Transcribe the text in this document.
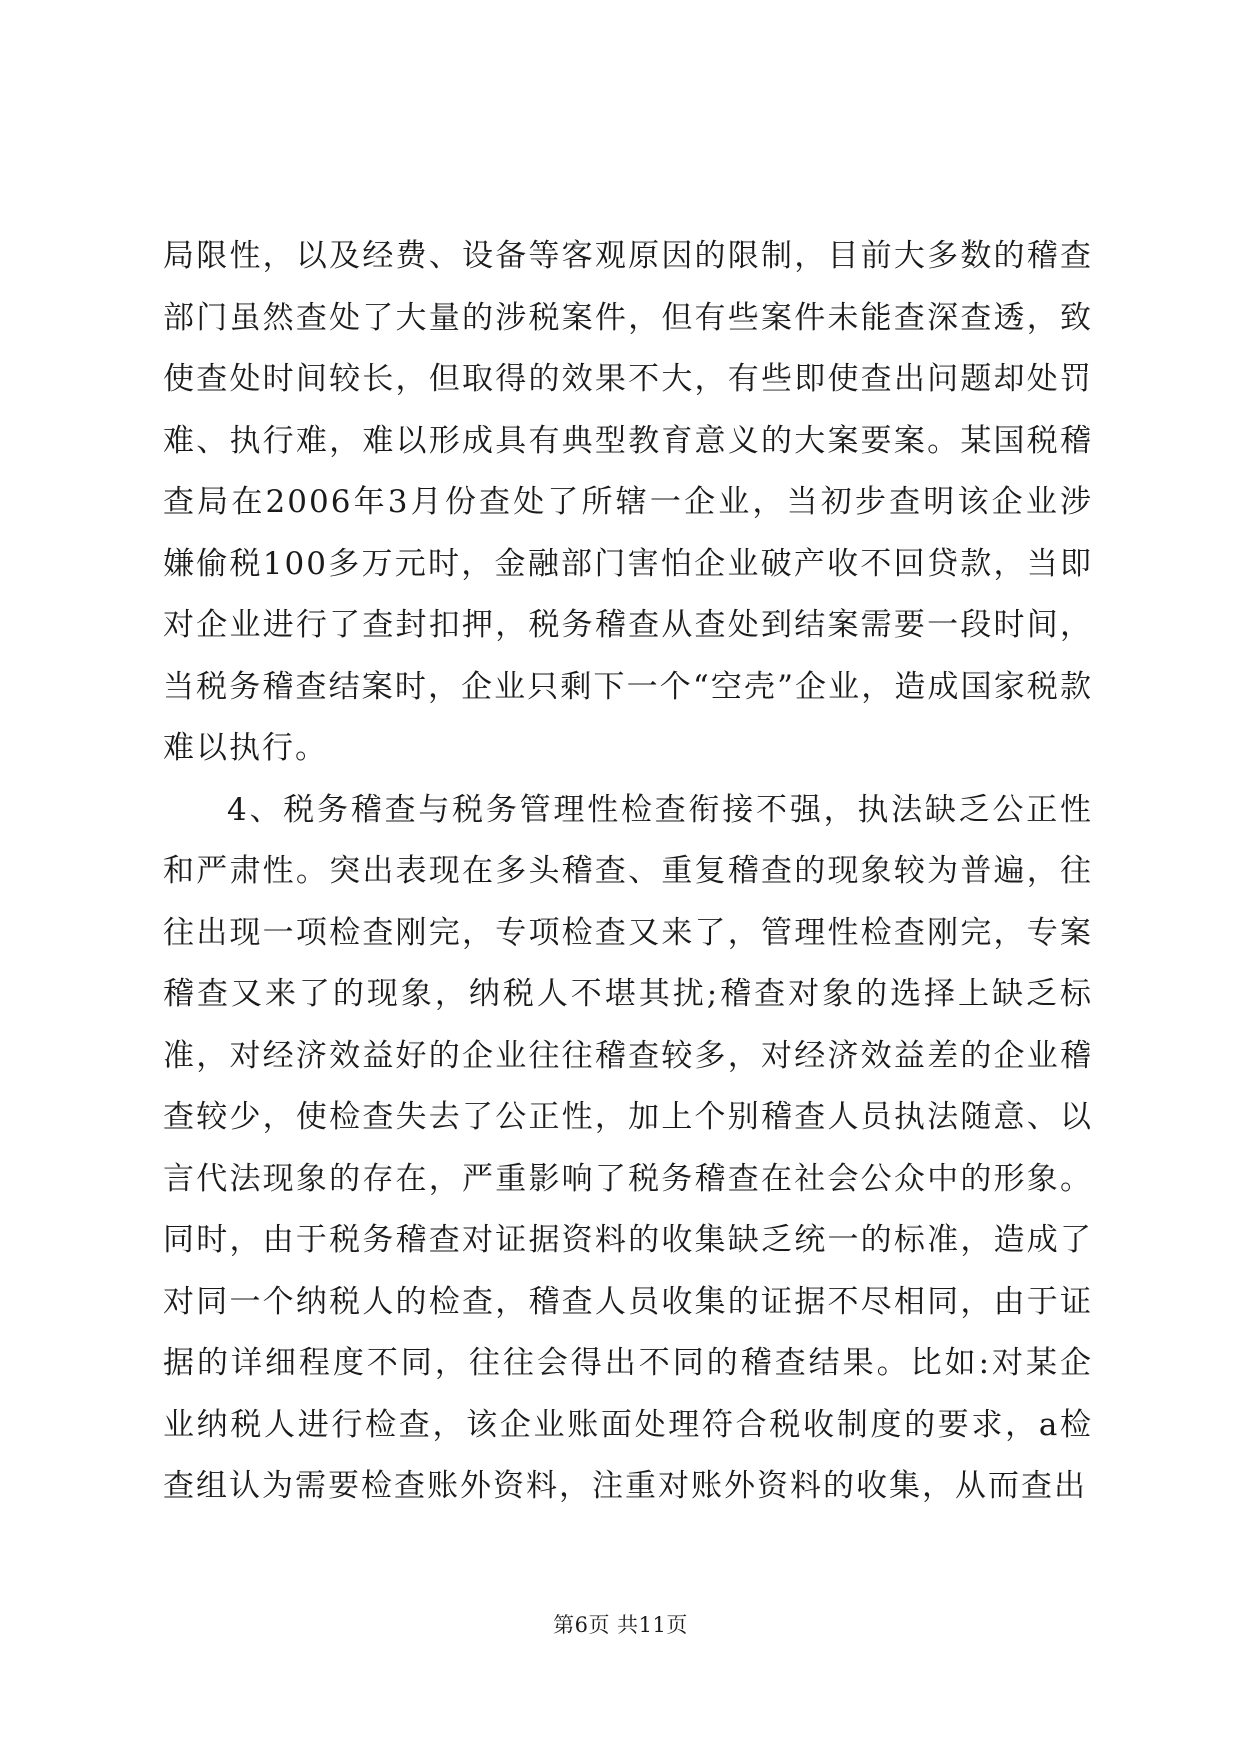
局限性，以及经费、设备等客观原因的限制，目前大多数的稽查部门虽然查处了大量的涉税案件，但有些案件未能查深查透，致使查处时间较长，但取得的效果不大，有些即使查出问题却处罚难、执行难，难以形成具有典型教育意义的大案要案。某国税稽查局在2006年3月份查处了所辖一企业，当初步查明该企业涉嫌偷税100多万元时，金融部门害怕企业破产收不回贷款，当即对企业进行了查封扣押，税务稽查从查处到结案需要一段时间，当税务稽查结案时，企业只剩下一个“空壳”企业，造成国家税款难以执行。

4、税务稽查与税务管理性检查衔接不强，执法缺乏公正性和严肃性。突出表现在多头稽查、重复稽查的现象较为普遍，往往出现一项检查刚完，专项检查又来了，管理性检查刚完，专案稽查又来了的现象，纳税人不堪其扰;稽查对象的选择上缺乏标准，对经济效益好的企业往往稽查较多，对经济效益差的企业稽查较少，使检查失去了公正性，加上个别稽查人员执法随意、以言代法现象的存在，严重影响了税务稽查在社会公众中的形象。同时，由于税务稽查对证据资料的收集缺乏统一的标准，造成了对同一个纳税人的检查，稽查人员收集的证据不尽相同，由于证据的详细程度不同，往往会得出不同的稽查结果。比如:对某企业纳税人进行检查，该企业账面处理符合税收制度的要求，a检查组认为需要检查账外资料，注重对账外资料的收集，从而查出

第6页 共11页
